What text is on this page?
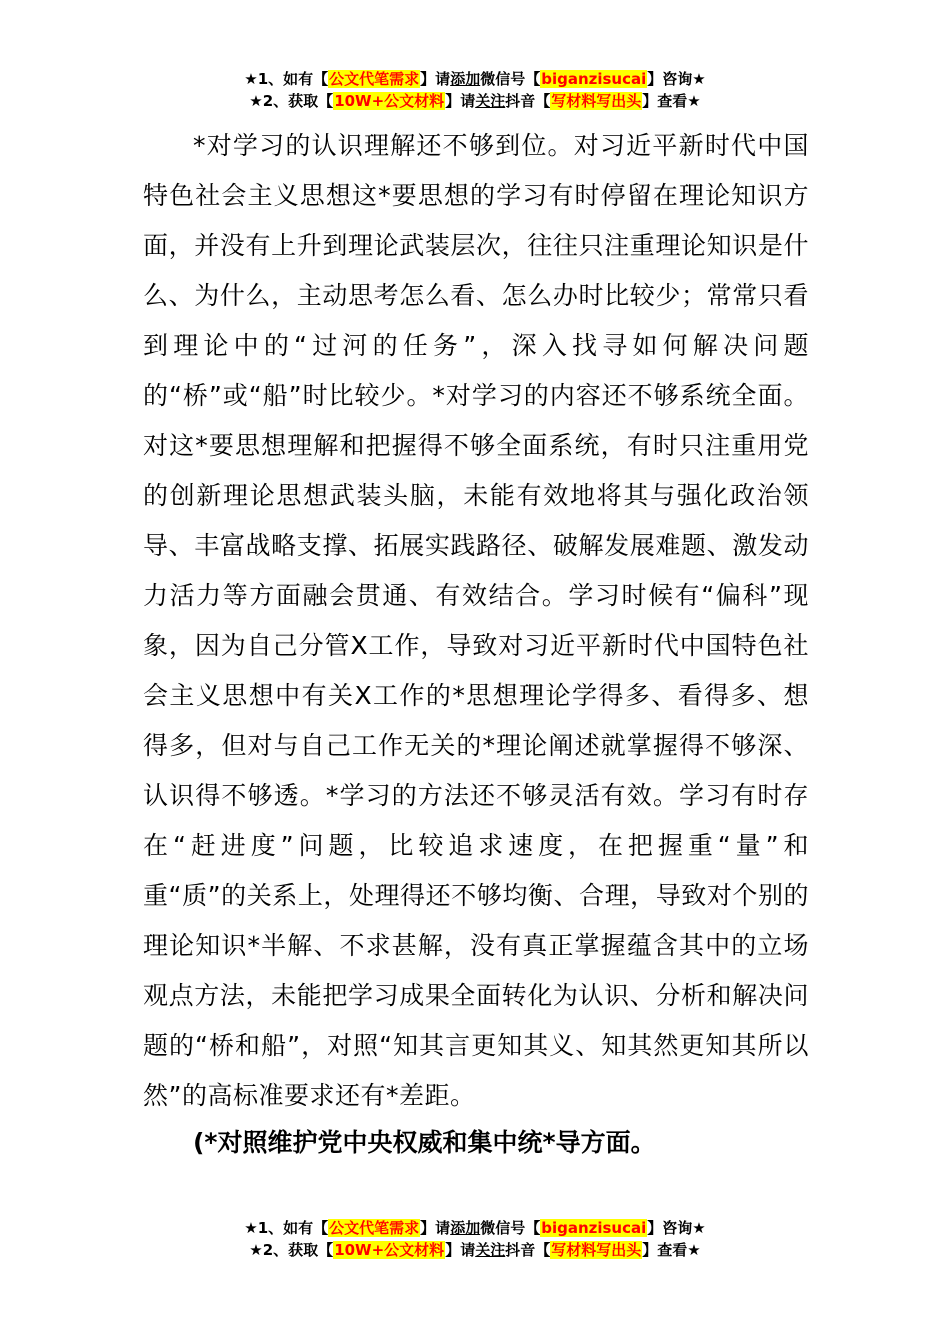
★1、如有【公文代笔需求】请添加微信号【biganzisucai】咨询★
★2、获取【10W+公文材料】请关注抖音【写材料写出头】查看★
*对学习的认识理解还不够到位。对习近平新时代中国特色社会主义思想这*要思想的学习有时停留在理论知识方面，并没有上升到理论武装层次，往往只注重理论知识是什么、为什么，主动思考怎么看、怎么办时比较少；常常只看到理论中的“过河的任务”，深入找寻如何解决问题的“桥”或“船”时比较少。*对学习的内容还不够系统全面。对这*要思想理解和把握得不够全面系统，有时只注重用党的创新理论思想武装头脑，未能有效地将其与强化政治领导、丰富战略支撑、拓展实践路径、破解发展难题、激发动力活力等方面融会贯通、有效结合。学习时候有“偏科”现象，因为自己分管X工作，导致对习近平新时代中国特色社会主义思想中有关X工作的*思想理论学得多、看得多、想得多，但对与自己工作无关的*理论阐述就掌握得不够深、认识得不够透。*学习的方法还不够灵活有效。学习有时存在“赶进度”问题，比较追求速度，在把握重“量”和重“质”的关系上，处理得还不够均衡、合理，导致对个别的理论知识*半解、不求甚解，没有真正掌握蕴含其中的立场观点方法，未能把学习成果全面转化为认识、分析和解决问题的“桥和船”，对照“知其言更知其义、知其然更知其所以然”的高标准要求还有*差距。
(*对照维护党中央权威和集中统*导方面。
★1、如有【公文代笔需求】请添加微信号【biganzisucai】咨询★
★2、获取【10W+公文材料】请关注抖音【写材料写出头】查看★
